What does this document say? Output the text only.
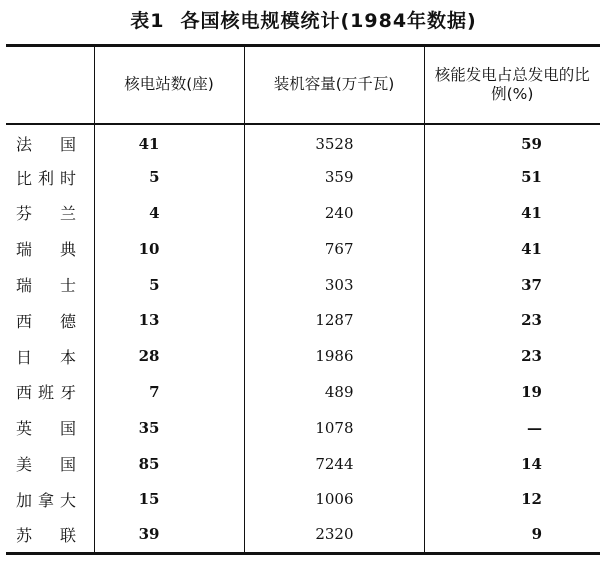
表1 各国核电规模统计(1984年数据)
	核电站数(座)	装机容量(万千瓦)	核能发电占总发电的比例(%)
法国	41	3528	59
比利时	5	359	51
芬兰	4	240	41
瑞典	10	767	41
瑞士	5	303	37
西德	13	1287	23
日本	28	1986	23
西班牙	7	489	19
英国	35	1078	—
美国	85	7244	14
加拿大	15	1006	12
苏联	39	2320	9
